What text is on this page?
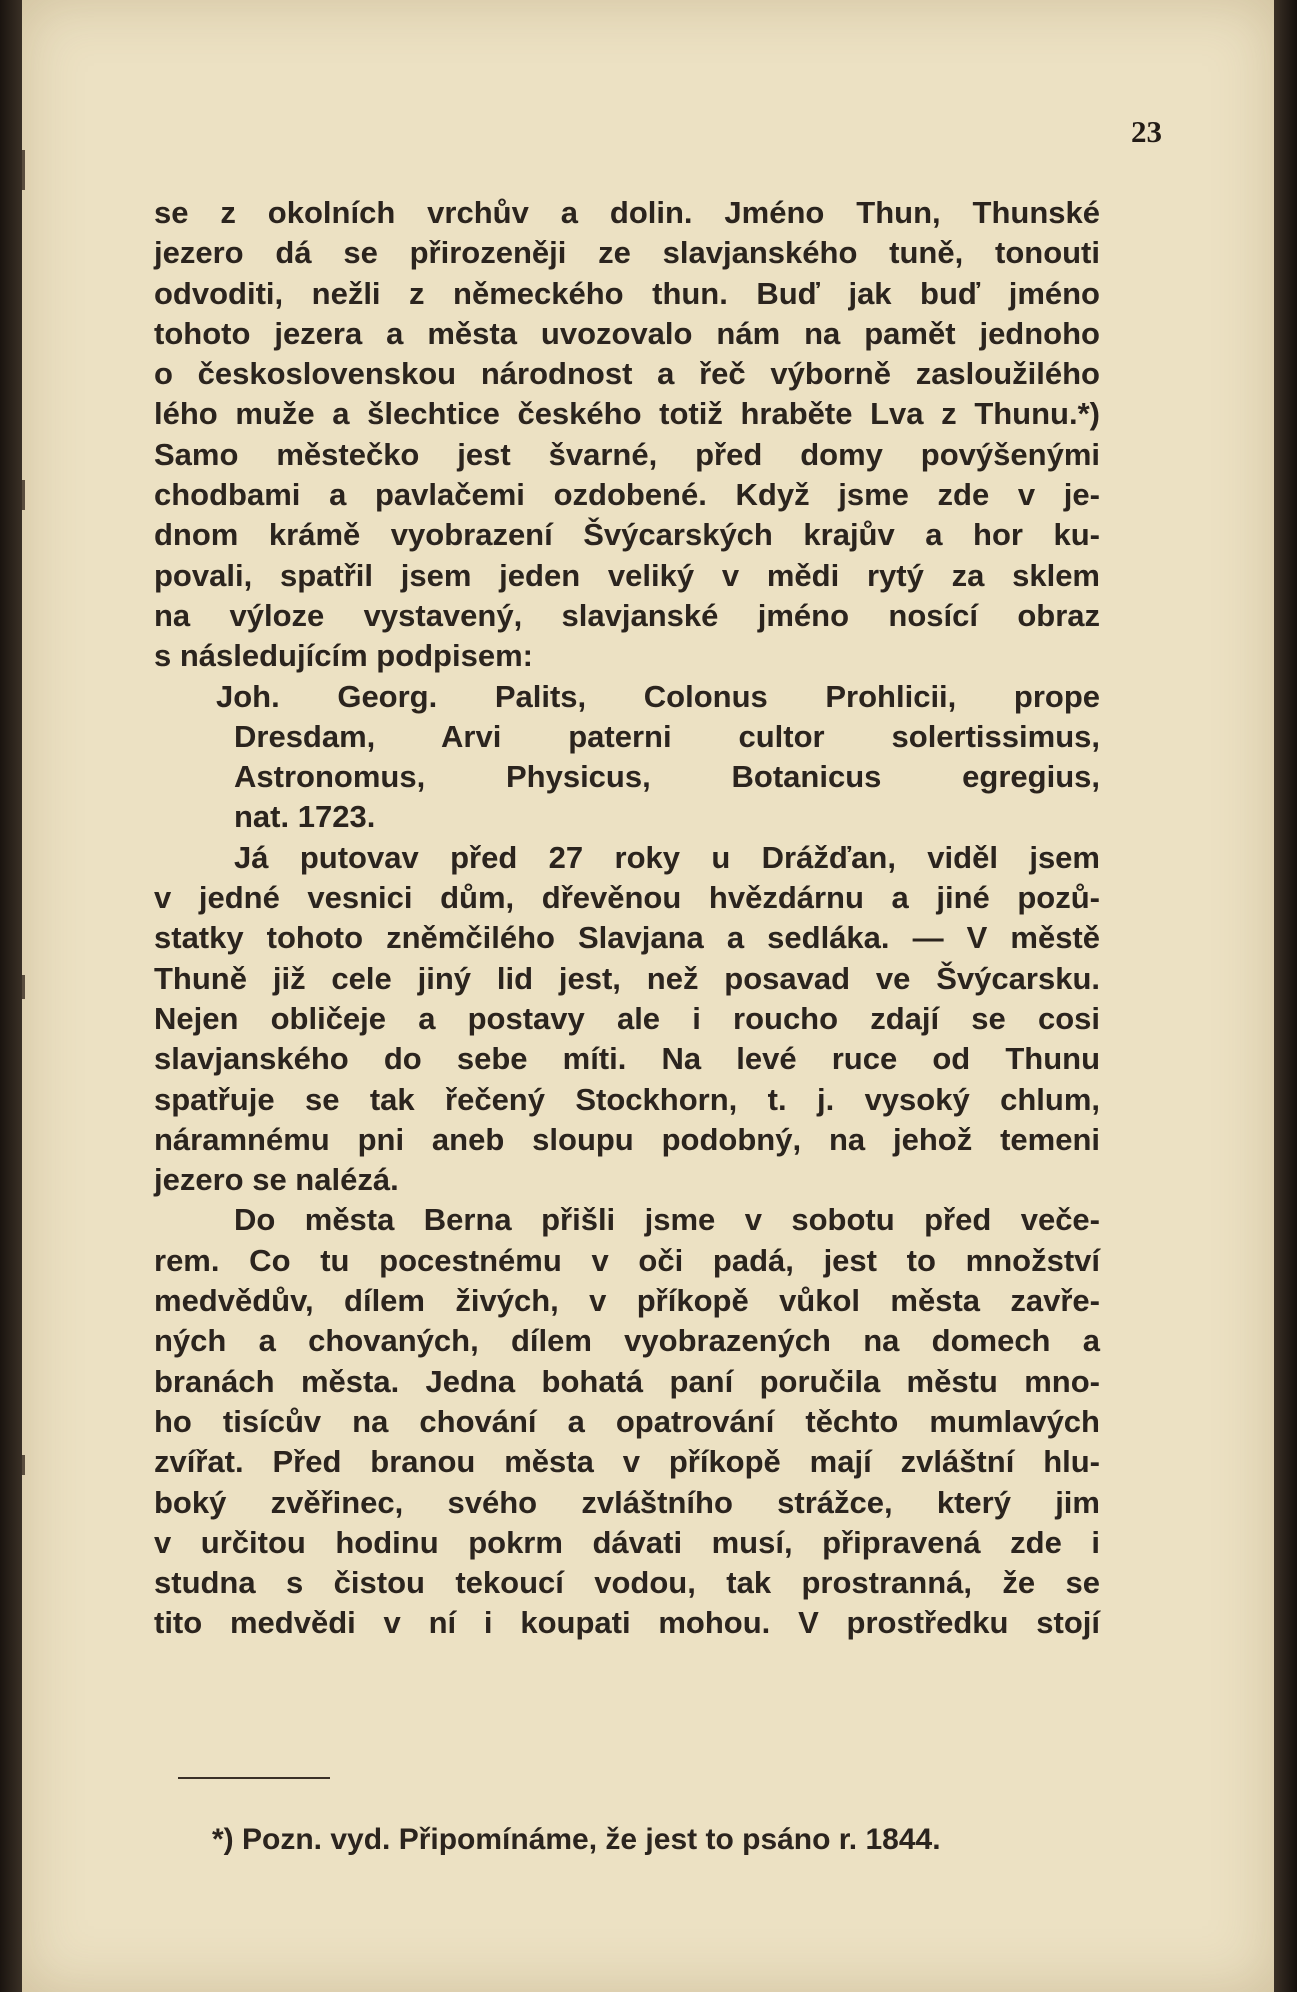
23
se z okolních vrchův a dolin. Jméno Thun, Thunské
jezero dá se přirozeněji ze slavjanského tuně, tonouti
odvoditi, nežli z německého thun. Buď jak buď jméno
tohoto jezera a města uvozovalo nám na pamět jednoho
o československou národnost a řeč výborně zasloužilého
lého muže a šlechtice českého totiž hraběte Lva z Thunu.*)
Samo městečko jest švarné, před domy povýšenými
chodbami a pavlačemi ozdobené. Když jsme zde v je-
dnom krámě vyobrazení Švýcarských krajův a hor ku-
povali, spatřil jsem jeden veliký v mědi rytý za sklem
na výloze vystavený, slavjanské jméno nosící obraz
s následujícím podpisem:
Joh. Georg. Palits, Colonus Prohlicii, prope
Dresdam, Arvi paterni cultor solertissimus,
Astronomus, Physicus, Botanicus egregius,
nat. 1723.
Já putovav před 27 roky u Drážďan, viděl jsem
v jedné vesnici dům, dřevěnou hvězdárnu a jiné pozů-
statky tohoto zněmčilého Slavjana a sedláka. — V městě
Thuně již cele jiný lid jest, než posavad ve Švýcarsku.
Nejen obličeje a postavy ale i roucho zdají se cosi
slavjanského do sebe míti. Na levé ruce od Thunu
spatřuje se tak řečený Stockhorn, t. j. vysoký chlum,
náramnému pni aneb sloupu podobný, na jehož temeni
jezero se nalézá.
Do města Berna přišli jsme v sobotu před veče-
rem. Co tu pocestnému v oči padá, jest to množství
medvědův, dílem živých, v příkopě vůkol města zavře-
ných a chovaných, dílem vyobrazených na domech a
branách města. Jedna bohatá paní poručila městu mno-
ho tisícův na chování a opatrování těchto mumlavých
zvířat. Před branou města v příkopě mají zvláštní hlu-
boký zvěřinec, svého zvláštního strážce, který jim
v určitou hodinu pokrm dávati musí, připravená zde i
studna s čistou tekoucí vodou, tak prostranná, že se
tito medvědi v ní i koupati mohou. V prostředku stojí
*) Pozn. vyd. Připomínáme, že jest to psáno r. 1844.
